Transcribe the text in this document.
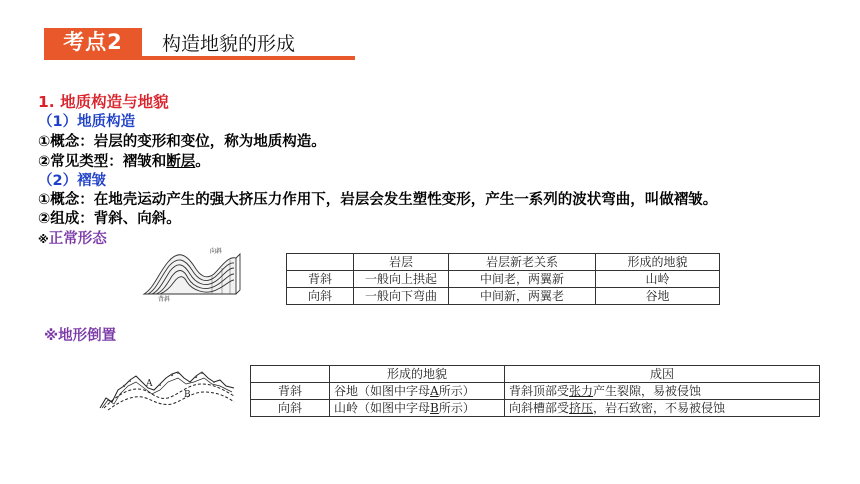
考点2	构造地貌的形成
1. 地质构造与地貌
（1）地质构造
①概念：岩层的变形和变位，称为地质构造。
②常见类型：褶皱和断层。
（2）褶皱
①概念：在地壳运动产生的强大挤压力作用下，岩层会发生塑性变形，产生一系列的波状弯曲，叫做褶皱。
②组成：背斜、向斜。
※正常形态
向斜
背斜
	岩层	岩层新老关系	形成的地貌
背斜	一般向上拱起	中间老，两翼新	山岭
向斜	一般向下弯曲	中间新，两翼老	谷地
※地形倒置
A
B
	形成的地貌	成因
背斜	谷地（如图中字母A所示）	背斜顶部受张力产生裂隙，易被侵蚀
向斜	山岭（如图中字母B所示）	向斜槽部受挤压，岩石致密，不易被侵蚀
